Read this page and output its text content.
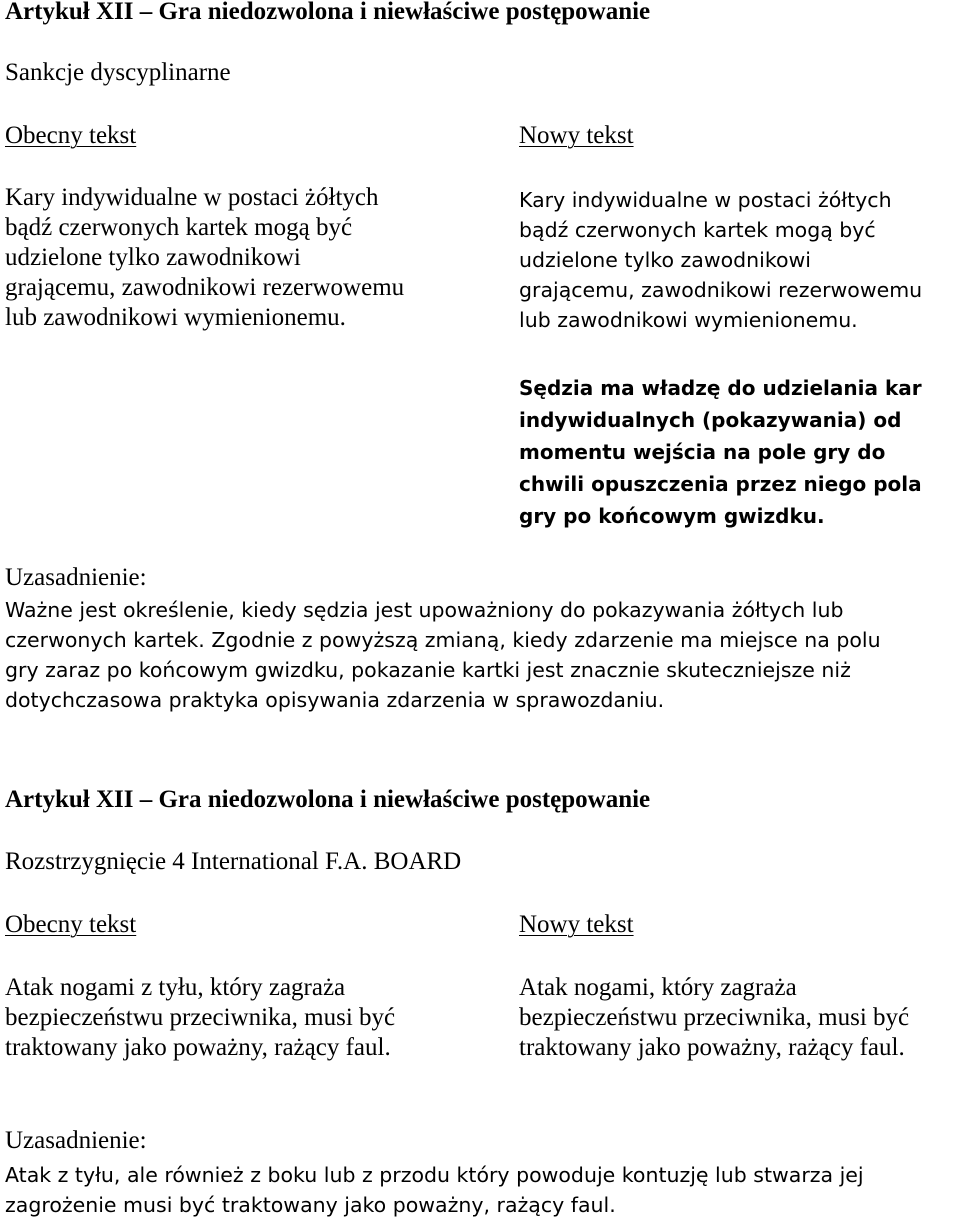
Artykuł XII – Gra niedozwolona i niewłaściwe postępowanie

Sankcje dyscyplinarne

Obecny tekst	Nowy tekst

Kary indywidualne w postaci żółtych
bądź czerwonych kartek mogą być
udzielone tylko zawodnikowi
grającemu, zawodnikowi rezerwowemu
lub zawodnikowi wymienionemu.
Kary indywidualne w postaci żółtych
bądź czerwonych kartek mogą być
udzielone tylko zawodnikowi
grającemu, zawodnikowi rezerwowemu
lub zawodnikowi wymienionemu.
Sędzia ma władzę do udzielania kar
indywidualnych (pokazywania) od
momentu wejścia na pole gry do
chwili opuszczenia przez niego pola
gry po końcowym gwizdku.

Uzasadnienie:

Ważne jest określenie, kiedy sędzia jest upoważniony do pokazywania żółtych lub
czerwonych kartek. Zgodnie z powyższą zmianą, kiedy zdarzenie ma miejsce na polu
gry zaraz po końcowym gwizdku, pokazanie kartki jest znacznie skuteczniejsze niż
dotychczasowa praktyka opisywania zdarzenia w sprawozdaniu.
Artykuł XII – Gra niedozwolona i niewłaściwe postępowanie

Rozstrzygnięcie 4 International F.A. BOARD

Obecny tekst	Nowy tekst

Atak nogami z tyłu, który zagraża
bezpieczeństwu przeciwnika, musi być
traktowany jako poważny, rażący faul.
Atak nogami, który zagraża
bezpieczeństwu przeciwnika, musi być
traktowany jako poważny, rażący faul.

Uzasadnienie:

Atak z tyłu, ale również z boku lub z przodu który powoduje kontuzję lub stwarza jej
zagrożenie musi być traktowany jako poważny, rażący faul.
